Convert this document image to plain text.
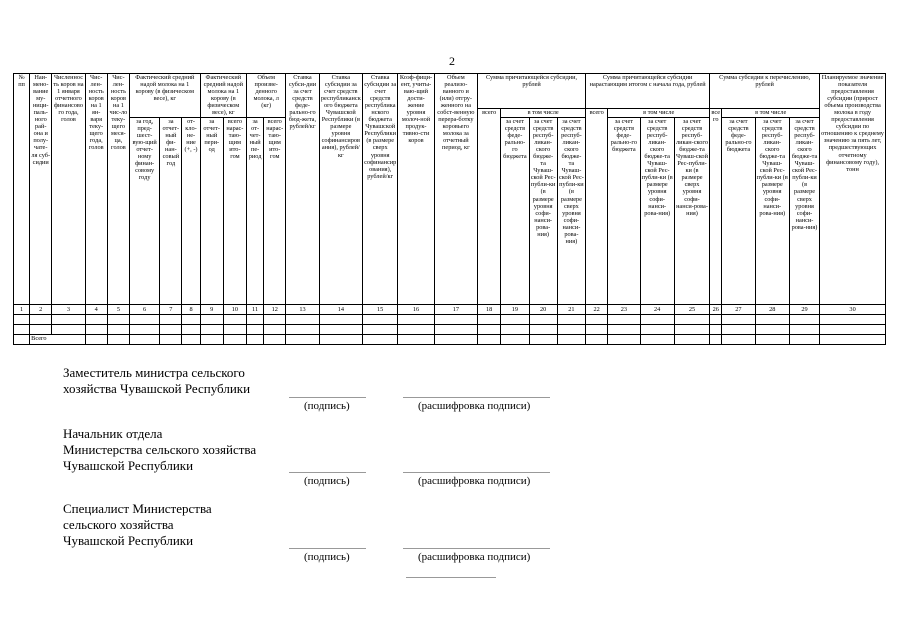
2
№ пп	Наи-мено-вание му-ници-паль-ного рай-она и полу-чате-ля суб-сидии	Численность коров на 1 января отчетного финансового года, голов	Чис-лен-ность коров на 1 ян-варя теку-щего года, голов	Чис-лен-ность коров на 1 чис-ло теку-щего меся-ца, голов	Фактический средний надой молока на 1 корову (в физическом весе), кг			Фактический средний надой молока на 1 корову (в физическом весе), кг		Объем произве-денного молока, л (кг)		Ставка субси-дии за счет средств феде-рально-го бюд-жета, рублей/кг	Ставка субсидии за счет средств республиканского бюджета Чувашской Республики (в размере уровня софинансирования), рублей/кг	Ставка субсидии за счет средств республиканского бюджета Чувашской Республики (в размере сверх уровня софинансирования), рублей/кг	Коэф-фици-ент, учиты-ваю-щий дости-жение уровня молоч-ной продук-тивно-сти коров	Объем реализо-ванного и (или) отгру-женного на собст-венную перера-ботку коровьего молока за отчетный период, кг	Сумма причитающейся субсидии, рублей				Сумма причитающейся субсидии нарастающим итогом с начала года, рублей				Сумма субсидии к перечислению, рублей				Планируемое значение показателя предоставления субсидии (прирост объема производства молока в году предоставления субсидии по отношению к среднему значению за пять лет, предшествующих отчетному финансовому году), тонн
																	всего	в том числе			всего	в том числе			всего	в том числе			
					за год, пред-шест-вую-щий отчет-ному финан-совому году	за отчет-ный фи-нан-совый год	от-кло-не-ние (+, -)	за отчет-ный пери-од	всего нарас-таю-щим ито-гом	за от-чет-ный пе-риод	всего нарас-таю-щим ито-гом							за счет средств феде-рально-го бюджета	за счет средств респуб-ликан-ского бюдже-та Чуваш-ской Рес-публи-ки (в размере уровня софи-нанси-рова-ния)	за счет средств респуб-ликан-ского бюдже-та Чуваш-ской Рес-публи-ки (в размере сверх уровня софи-нанси-рова-ния)		за счет средств феде-рально-го бюджета	за счет средств респуб-ликан-ского бюдже-та Чуваш-ской Рес-публи-ки (в размере уровня софи-нанси-рова-ния)	за счет средств респуб-ликан-ского бюдже-та Чуваш-ской Рес-публи-ки (в размере сверх уровня софи-нанси-рова-ния)		за счет средств феде-рально-го бюджета	за счет средств респуб-ликан-ского бюдже-та Чуваш-ской Рес-публи-ки (в размере уровня софи-нанси-рова-ния)	за счет средств респуб-ликан-ского бюдже-та Чуваш-ской Рес-публи-ки (в размере сверх уровня софи-нанси-рова-ния)	
1	2	3	4	5	6	7	8	9	10	11	12	13	14	15	16	17	18	19	20	21	22	23	24	25	26	27	28	29	30

	Всего																												
Заместитель министра сельского
хозяйства Чувашской Республики
(подпись)	(расшифровка подписи)
Начальник отдела
Министерства сельского хозяйства
Чувашской Республики
(подпись)	(расшифровка подписи)
Специалист Министерства
сельского хозяйства
Чувашской Республики
(подпись)	(расшифровка подписи)
